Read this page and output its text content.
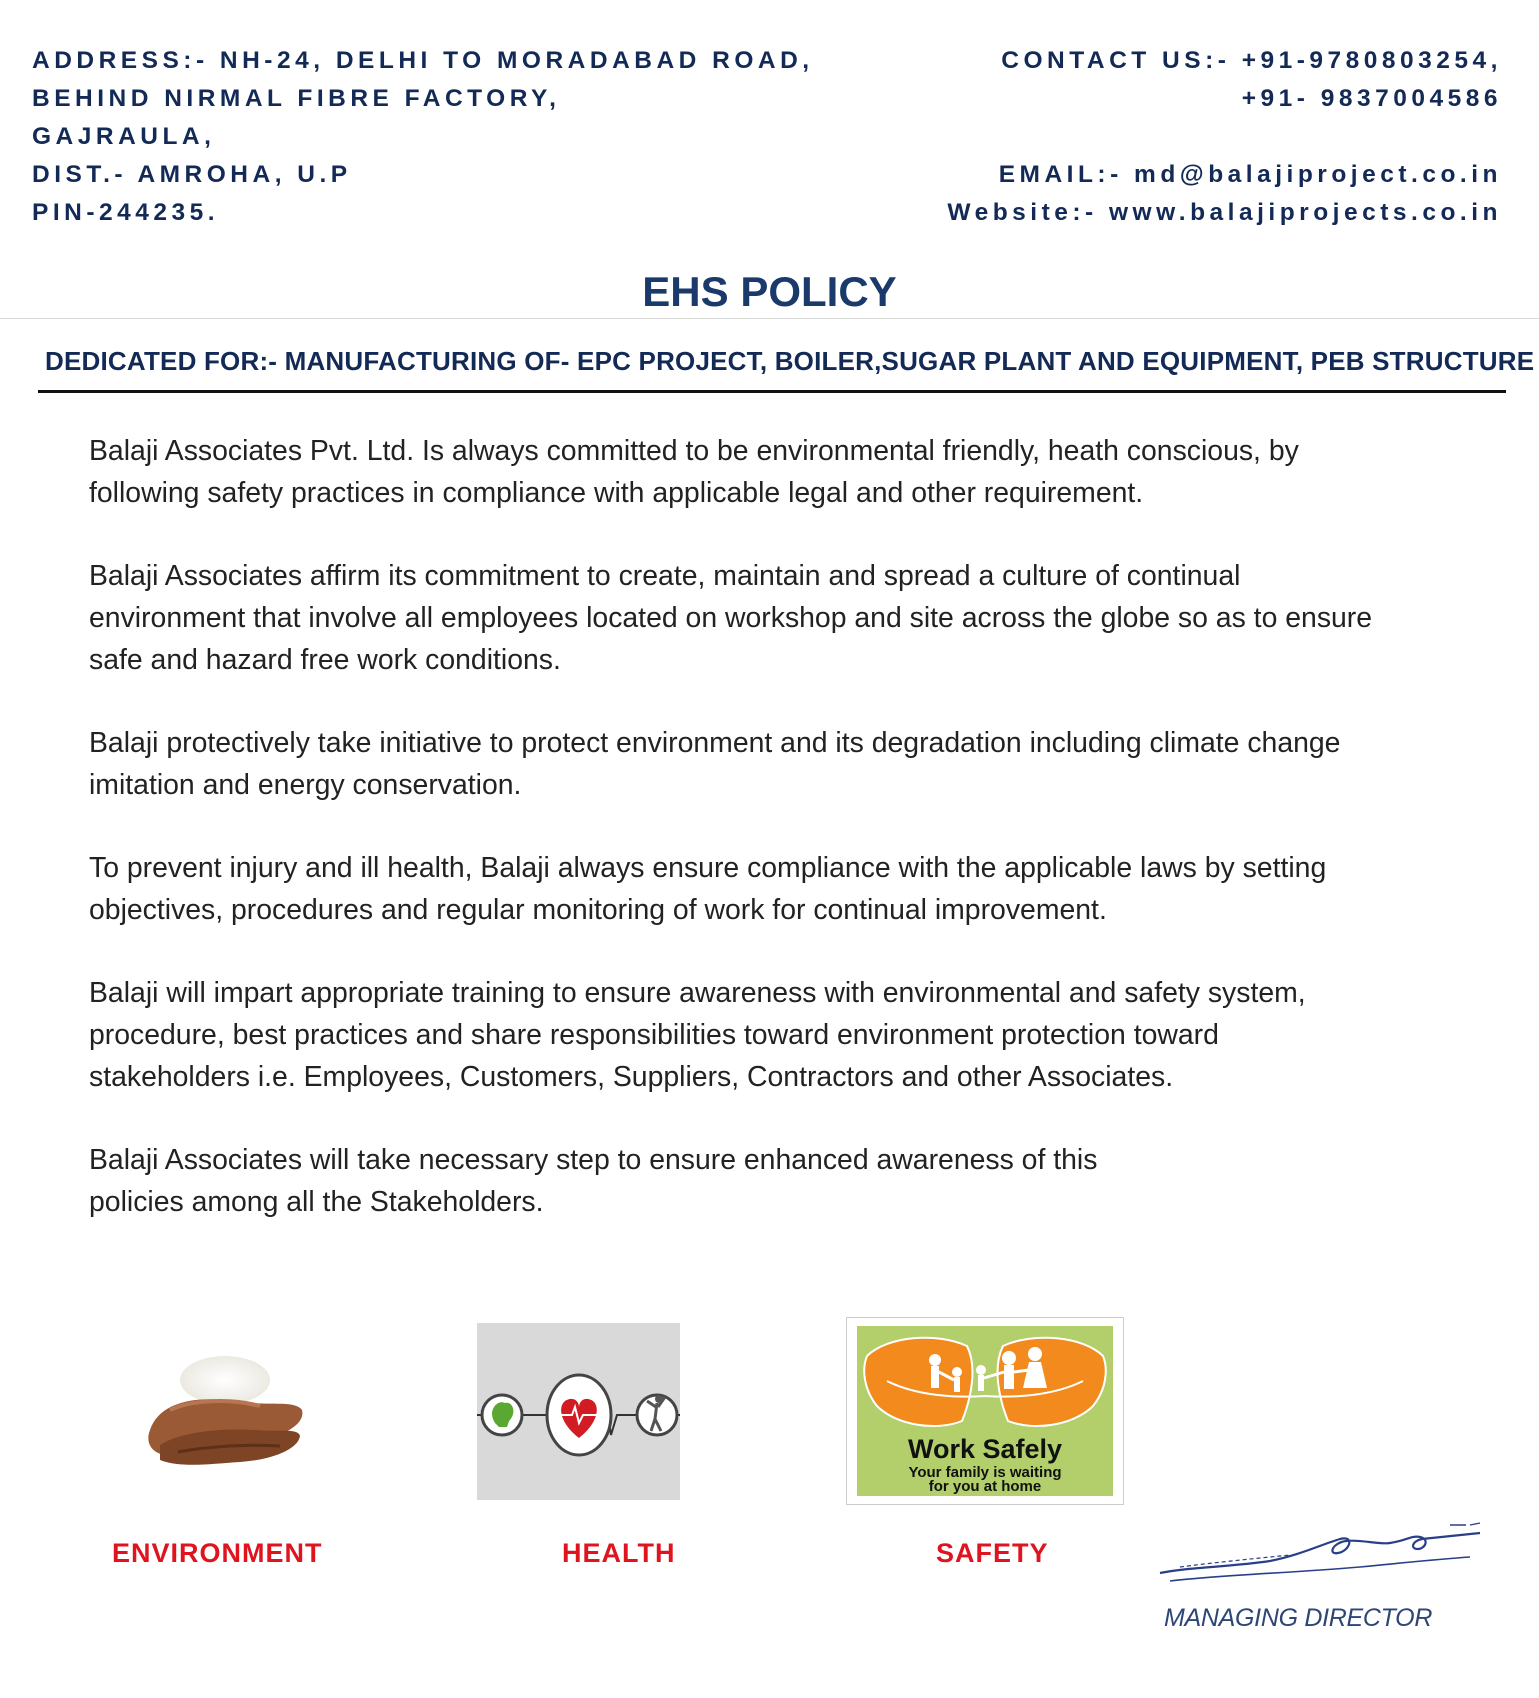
ADDRESS:- NH-24, DELHI TO MORADABAD ROAD,
BEHIND NIRMAL FIBRE FACTORY,
GAJRAULA,
DIST.- AMROHA, U.P
PIN-244235.
CONTACT US:- +91-9780803254,
+91- 9837004586
EMAIL:- md@balajiproject.co.in
Website:- www.balajiprojects.co.in
EHS POLICY
DEDICATED FOR:- MANUFACTURING OF- EPC PROJECT, BOILER,SUGAR PLANT AND EQUIPMENT, PEB STRUCTURE

Balaji Associates Pvt. Ltd. Is always committed to be environmental friendly, heath conscious, by
following safety practices in compliance with applicable legal and other requirement.

Balaji Associates affirm its commitment to create, maintain and spread a culture of continual
environment that involve all employees located on workshop and site across the globe so as to ensure
safe and hazard free work conditions.

Balaji protectively take initiative to protect environment and its degradation including climate change
imitation and energy conservation.

To prevent injury and ill health, Balaji always ensure compliance with the applicable laws by setting
objectives, procedures and regular monitoring of work for continual improvement.

Balaji will impart appropriate training to ensure awareness with environmental and safety system,
procedure, best practices and share responsibilities toward environment protection toward
stakeholders i.e. Employees, Customers, Suppliers, Contractors and other Associates.

Balaji Associates will take necessary step to ensure enhanced awareness of this
policies among all the Stakeholders.

Work Safely
Your family is waiting
for you at home
ENVIRONMENT	HEALTH	SAFETY
MANAGING DIRECTOR
